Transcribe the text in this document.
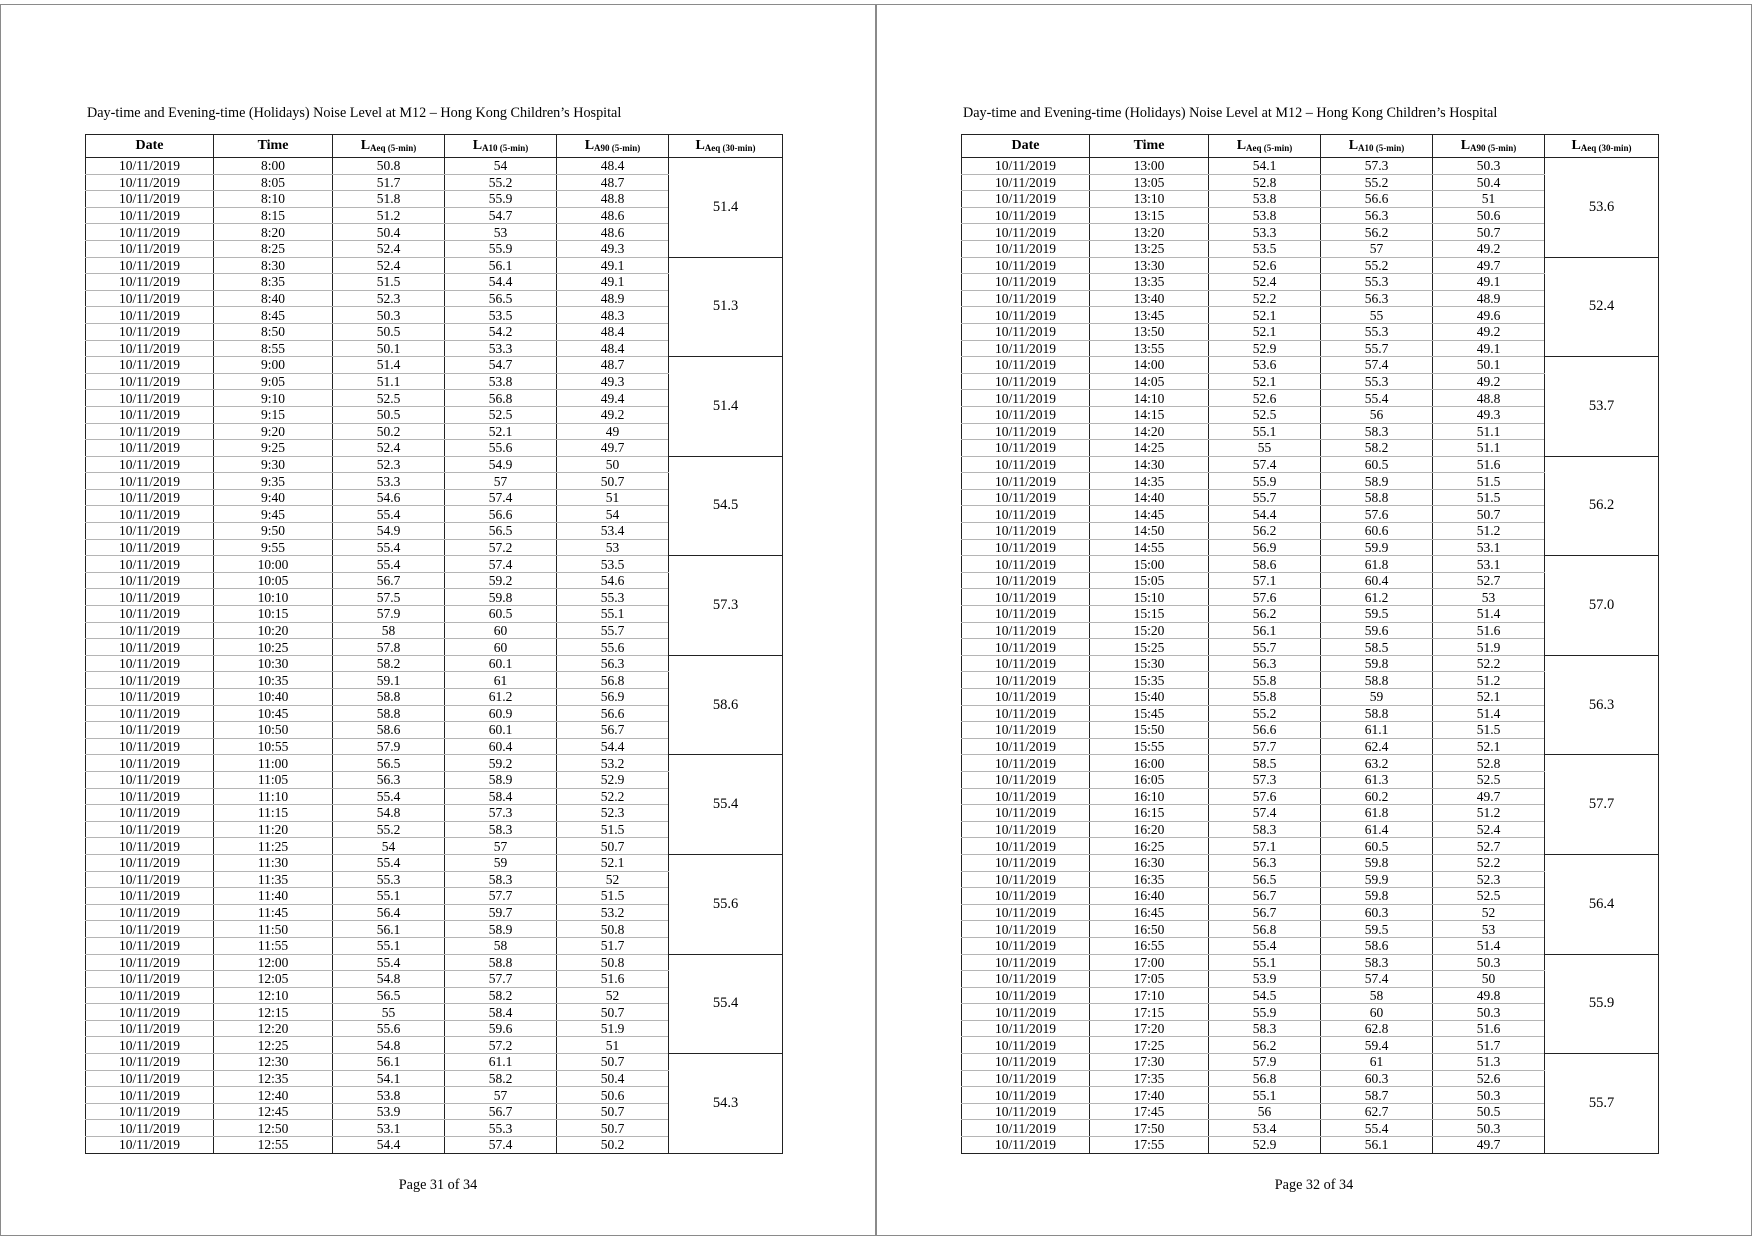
Day-time and Evening-time (Holidays) Noise Level at M12 – Hong Kong Children’s Hospital
Date	Time	$L_{Aeq (5-min)}$	$L_{A10 (5-min)}$	$L_{A90 (5-min)}$	$L_{Aeq (30-min)}$
10/11/2019	8:00	50.8	54	48.4	51.4
10/11/2019	8:05	51.7	55.2	48.7	
10/11/2019	8:10	51.8	55.9	48.8	
10/11/2019	8:15	51.2	54.7	48.6	
10/11/2019	8:20	50.4	53	48.6	
10/11/2019	8:25	52.4	55.9	49.3	
10/11/2019	8:30	52.4	56.1	49.1	51.3
10/11/2019	8:35	51.5	54.4	49.1	
10/11/2019	8:40	52.3	56.5	48.9	
10/11/2019	8:45	50.3	53.5	48.3	
10/11/2019	8:50	50.5	54.2	48.4	
10/11/2019	8:55	50.1	53.3	48.4	
10/11/2019	9:00	51.4	54.7	48.7	51.4
10/11/2019	9:05	51.1	53.8	49.3	
10/11/2019	9:10	52.5	56.8	49.4	
10/11/2019	9:15	50.5	52.5	49.2	
10/11/2019	9:20	50.2	52.1	49	
10/11/2019	9:25	52.4	55.6	49.7	
10/11/2019	9:30	52.3	54.9	50	54.5
10/11/2019	9:35	53.3	57	50.7	
10/11/2019	9:40	54.6	57.4	51	
10/11/2019	9:45	55.4	56.6	54	
10/11/2019	9:50	54.9	56.5	53.4	
10/11/2019	9:55	55.4	57.2	53	
10/11/2019	10:00	55.4	57.4	53.5	57.3
10/11/2019	10:05	56.7	59.2	54.6	
10/11/2019	10:10	57.5	59.8	55.3	
10/11/2019	10:15	57.9	60.5	55.1	
10/11/2019	10:20	58	60	55.7	
10/11/2019	10:25	57.8	60	55.6	
10/11/2019	10:30	58.2	60.1	56.3	58.6
10/11/2019	10:35	59.1	61	56.8	
10/11/2019	10:40	58.8	61.2	56.9	
10/11/2019	10:45	58.8	60.9	56.6	
10/11/2019	10:50	58.6	60.1	56.7	
10/11/2019	10:55	57.9	60.4	54.4	
10/11/2019	11:00	56.5	59.2	53.2	55.4
10/11/2019	11:05	56.3	58.9	52.9	
10/11/2019	11:10	55.4	58.4	52.2	
10/11/2019	11:15	54.8	57.3	52.3	
10/11/2019	11:20	55.2	58.3	51.5	
10/11/2019	11:25	54	57	50.7	
10/11/2019	11:30	55.4	59	52.1	55.6
10/11/2019	11:35	55.3	58.3	52	
10/11/2019	11:40	55.1	57.7	51.5	
10/11/2019	11:45	56.4	59.7	53.2	
10/11/2019	11:50	56.1	58.9	50.8	
10/11/2019	11:55	55.1	58	51.7	
10/11/2019	12:00	55.4	58.8	50.8	55.4
10/11/2019	12:05	54.8	57.7	51.6	
10/11/2019	12:10	56.5	58.2	52	
10/11/2019	12:15	55	58.4	50.7	
10/11/2019	12:20	55.6	59.6	51.9	
10/11/2019	12:25	54.8	57.2	51	
10/11/2019	12:30	56.1	61.1	50.7	54.3
10/11/2019	12:35	54.1	58.2	50.4	
10/11/2019	12:40	53.8	57	50.6	
10/11/2019	12:45	53.9	56.7	50.7	
10/11/2019	12:50	53.1	55.3	50.7	
10/11/2019	12:55	54.4	57.4	50.2	
Page 31 of 34
Day-time and Evening-time (Holidays) Noise Level at M12 – Hong Kong Children’s Hospital
Date	Time	$L_{Aeq (5-min)}$	$L_{A10 (5-min)}$	$L_{A90 (5-min)}$	$L_{Aeq (30-min)}$
10/11/2019	13:00	54.1	57.3	50.3	53.6
10/11/2019	13:05	52.8	55.2	50.4	
10/11/2019	13:10	53.8	56.6	51	
10/11/2019	13:15	53.8	56.3	50.6	
10/11/2019	13:20	53.3	56.2	50.7	
10/11/2019	13:25	53.5	57	49.2	
10/11/2019	13:30	52.6	55.2	49.7	52.4
10/11/2019	13:35	52.4	55.3	49.1	
10/11/2019	13:40	52.2	56.3	48.9	
10/11/2019	13:45	52.1	55	49.6	
10/11/2019	13:50	52.1	55.3	49.2	
10/11/2019	13:55	52.9	55.7	49.1	
10/11/2019	14:00	53.6	57.4	50.1	53.7
10/11/2019	14:05	52.1	55.3	49.2	
10/11/2019	14:10	52.6	55.4	48.8	
10/11/2019	14:15	52.5	56	49.3	
10/11/2019	14:20	55.1	58.3	51.1	
10/11/2019	14:25	55	58.2	51.1	
10/11/2019	14:30	57.4	60.5	51.6	56.2
10/11/2019	14:35	55.9	58.9	51.5	
10/11/2019	14:40	55.7	58.8	51.5	
10/11/2019	14:45	54.4	57.6	50.7	
10/11/2019	14:50	56.2	60.6	51.2	
10/11/2019	14:55	56.9	59.9	53.1	
10/11/2019	15:00	58.6	61.8	53.1	57.0
10/11/2019	15:05	57.1	60.4	52.7	
10/11/2019	15:10	57.6	61.2	53	
10/11/2019	15:15	56.2	59.5	51.4	
10/11/2019	15:20	56.1	59.6	51.6	
10/11/2019	15:25	55.7	58.5	51.9	
10/11/2019	15:30	56.3	59.8	52.2	56.3
10/11/2019	15:35	55.8	58.8	51.2	
10/11/2019	15:40	55.8	59	52.1	
10/11/2019	15:45	55.2	58.8	51.4	
10/11/2019	15:50	56.6	61.1	51.5	
10/11/2019	15:55	57.7	62.4	52.1	
10/11/2019	16:00	58.5	63.2	52.8	57.7
10/11/2019	16:05	57.3	61.3	52.5	
10/11/2019	16:10	57.6	60.2	49.7	
10/11/2019	16:15	57.4	61.8	51.2	
10/11/2019	16:20	58.3	61.4	52.4	
10/11/2019	16:25	57.1	60.5	52.7	
10/11/2019	16:30	56.3	59.8	52.2	56.4
10/11/2019	16:35	56.5	59.9	52.3	
10/11/2019	16:40	56.7	59.8	52.5	
10/11/2019	16:45	56.7	60.3	52	
10/11/2019	16:50	56.8	59.5	53	
10/11/2019	16:55	55.4	58.6	51.4	
10/11/2019	17:00	55.1	58.3	50.3	55.9
10/11/2019	17:05	53.9	57.4	50	
10/11/2019	17:10	54.5	58	49.8	
10/11/2019	17:15	55.9	60	50.3	
10/11/2019	17:20	58.3	62.8	51.6	
10/11/2019	17:25	56.2	59.4	51.7	
10/11/2019	17:30	57.9	61	51.3	55.7
10/11/2019	17:35	56.8	60.3	52.6	
10/11/2019	17:40	55.1	58.7	50.3	
10/11/2019	17:45	56	62.7	50.5	
10/11/2019	17:50	53.4	55.4	50.3	
10/11/2019	17:55	52.9	56.1	49.7	
Page 32 of 34
